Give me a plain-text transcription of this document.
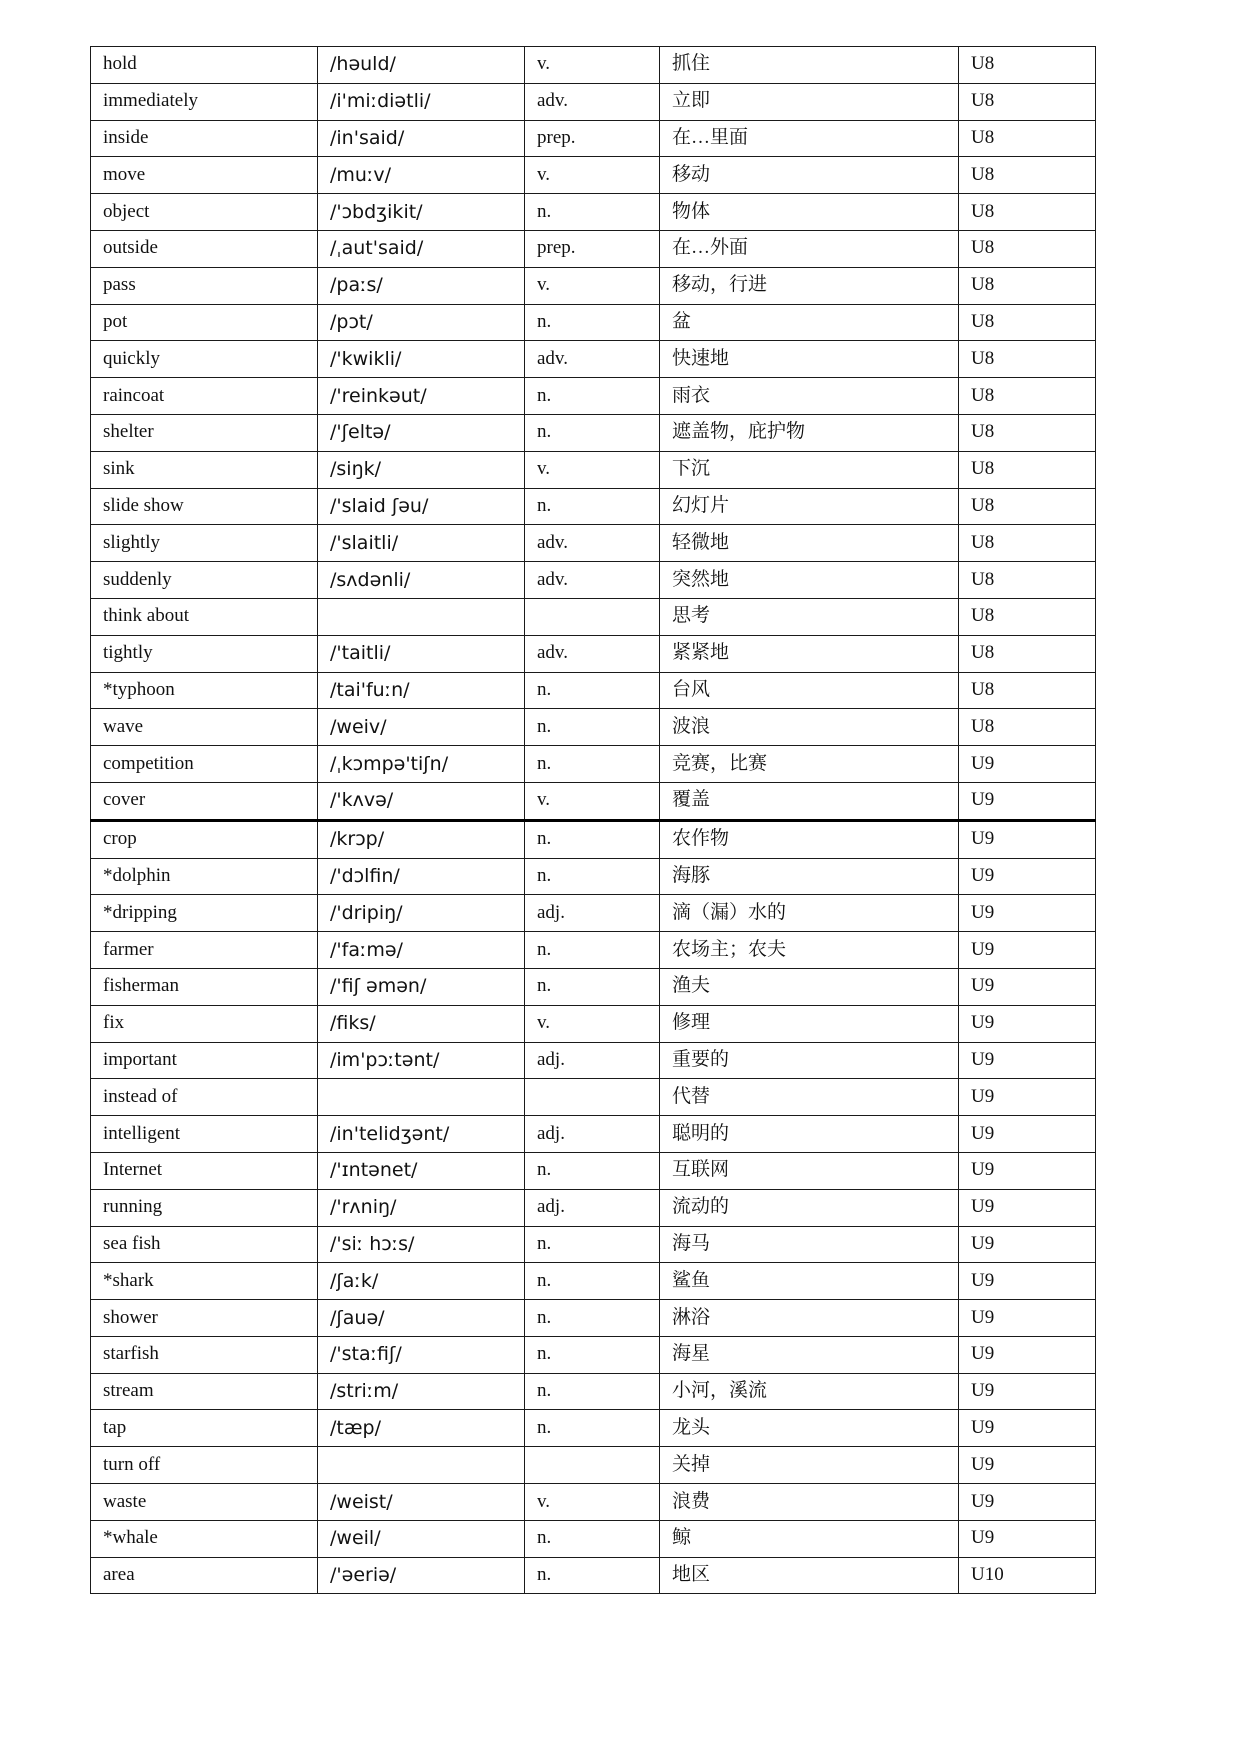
hold	/həuld/	v.	抓住	U8
immediately	/i'miːdiətli/	adv.	立即	U8
inside	/in'said/	prep.	在…里面	U8
move	/muːv/	v.	移动	U8
object	/'ɔbdʒikit/	n.	物体	U8
outside	/ˌaut'said/	prep.	在…外面	U8
pass	/paːs/	v.	移动，行进	U8
pot	/pɔt/	n.	盆	U8
quickly	/'kwikli/	adv.	快速地	U8
raincoat	/'reinkəut/	n.	雨衣	U8
shelter	/'ʃeltə/	n.	遮盖物，庇护物	U8
sink	/siŋk/	v.	下沉	U8
slide show	/'slaid ʃəu/	n.	幻灯片	U8
slightly	/'slaitli/	adv.	轻微地	U8
suddenly	/sʌdənli/	adv.	突然地	U8
think about			思考	U8
tightly	/'taitli/	adv.	紧紧地	U8
*typhoon	/tai'fuːn/	n.	台风	U8
wave	/weiv/	n.	波浪	U8
competition	/ˌkɔmpə'tiʃn/	n.	竞赛，比赛	U9
cover	/'kʌvə/	v.	覆盖	U9
crop	/krɔp/	n.	农作物	U9
*dolphin	/'dɔlfin/	n.	海豚	U9
*dripping	/'dripiŋ/	adj.	滴（漏）水的	U9
farmer	/'faːmə/	n.	农场主；农夫	U9
fisherman	/'fiʃ əmən/	n.	渔夫	U9
fix	/fiks/	v.	修理	U9
important	/im'pɔːtənt/	adj.	重要的	U9
instead of			代替	U9
intelligent	/in'telidʒənt/	adj.	聪明的	U9
Internet	/'ɪntənet/	n.	互联网	U9
running	/'rʌniŋ/	adj.	流动的	U9
sea fish	/'siː hɔːs/	n.	海马	U9
*shark	/ʃaːk/	n.	鲨鱼	U9
shower	/ʃauə/	n.	淋浴	U9
starfish	/'staːfiʃ/	n.	海星	U9
stream	/striːm/	n.	小河，溪流	U9
tap	/tæp/	n.	龙头	U9
turn off			关掉	U9
waste	/weist/	v.	浪费	U9
*whale	/weil/	n.	鲸	U9
area	/'əeriə/	n.	地区	U10
